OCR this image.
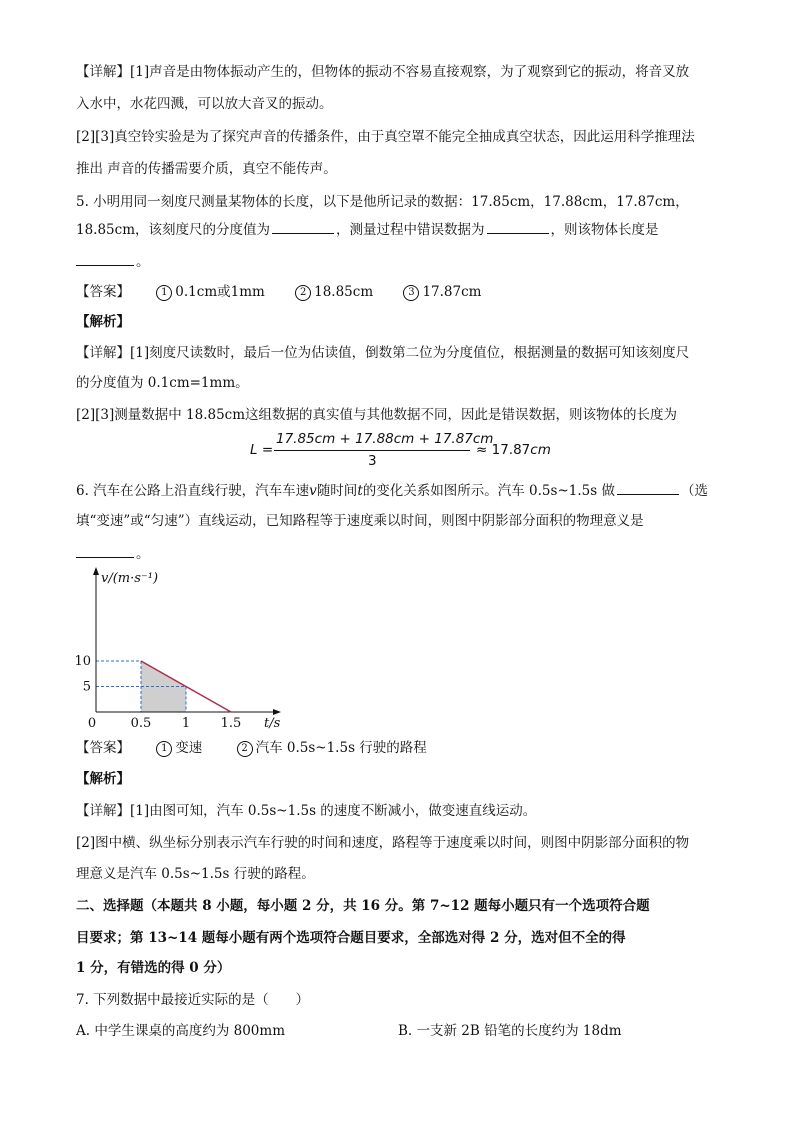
【详解】[1]声音是由物体振动产生的，但物体的振动不容易直接观察，为了观察到它的振动，将音叉放
入水中，水花四溅，可以放大音叉的振动。
[2][3]真空铃实验是为了探究声音的传播条件，由于真空罩不能完全抽成真空状态，因此运用科学推理法
推出 声音的传播需要介质，真空不能传声。
5. 小明用同一刻度尺测量某物体的长度，以下是他所记录的数据：17.85cm，17.88cm，17.87cm，
18.85cm，该刻度尺的分度值为	，测量过程中错误数据为	，则该物体长度是
。
【答案】	1 0.1cm或1mm	2 18.85cm	3 17.87cm
【解析】
【详解】[1]刻度尺读数时，最后一位为估读值，倒数第二位为分度值位，根据测量的数据可知该刻度尺
的分度值为 0.1cm=1mm。
[2][3]测量数据中 18.85cm这组数据的真实值与其他数据不同，因此是错误数据，则该物体的长度为
L =
17.85cm + 17.88cm + 17.87cm
3
≈ 17.87cm
6. 汽车在公路上沿直线行驶，汽车车速v随时间t的变化关系如图所示。汽车 0.5s~1.5s 做	（选
填“变速”或“匀速”）直线运动，已知路程等于速度乘以时间，则图中阴影部分面积的物理意义是
。
0	0.5 1 1.5
5
10
v/(m·s⁻¹)
t/s
【答案】	1 变速	2 汽车 0.5s~1.5s 行驶的路程
【解析】
【详解】[1]由图可知，汽车 0.5s~1.5s 的速度不断减小，做变速直线运动。
[2]图中横、纵坐标分别表示汽车行驶的时间和速度，路程等于速度乘以时间，则图中阴影部分面积的物
理意义是汽车 0.5s~1.5s 行驶的路程。
二、选择题（本题共 8 小题，每小题 2 分，共 16 分。第 7~12 题每小题只有一个选项符合题
目要求；第 13~14 题每小题有两个选项符合题目要求，全部选对得 2 分，选对但不全的得
1 分，有错选的得 0 分）
7. 下列数据中最接近实际的是（　　）
A. 中学生课桌的高度约为 800mm	B. 一支新 2B 铅笔的长度约为 18dm
